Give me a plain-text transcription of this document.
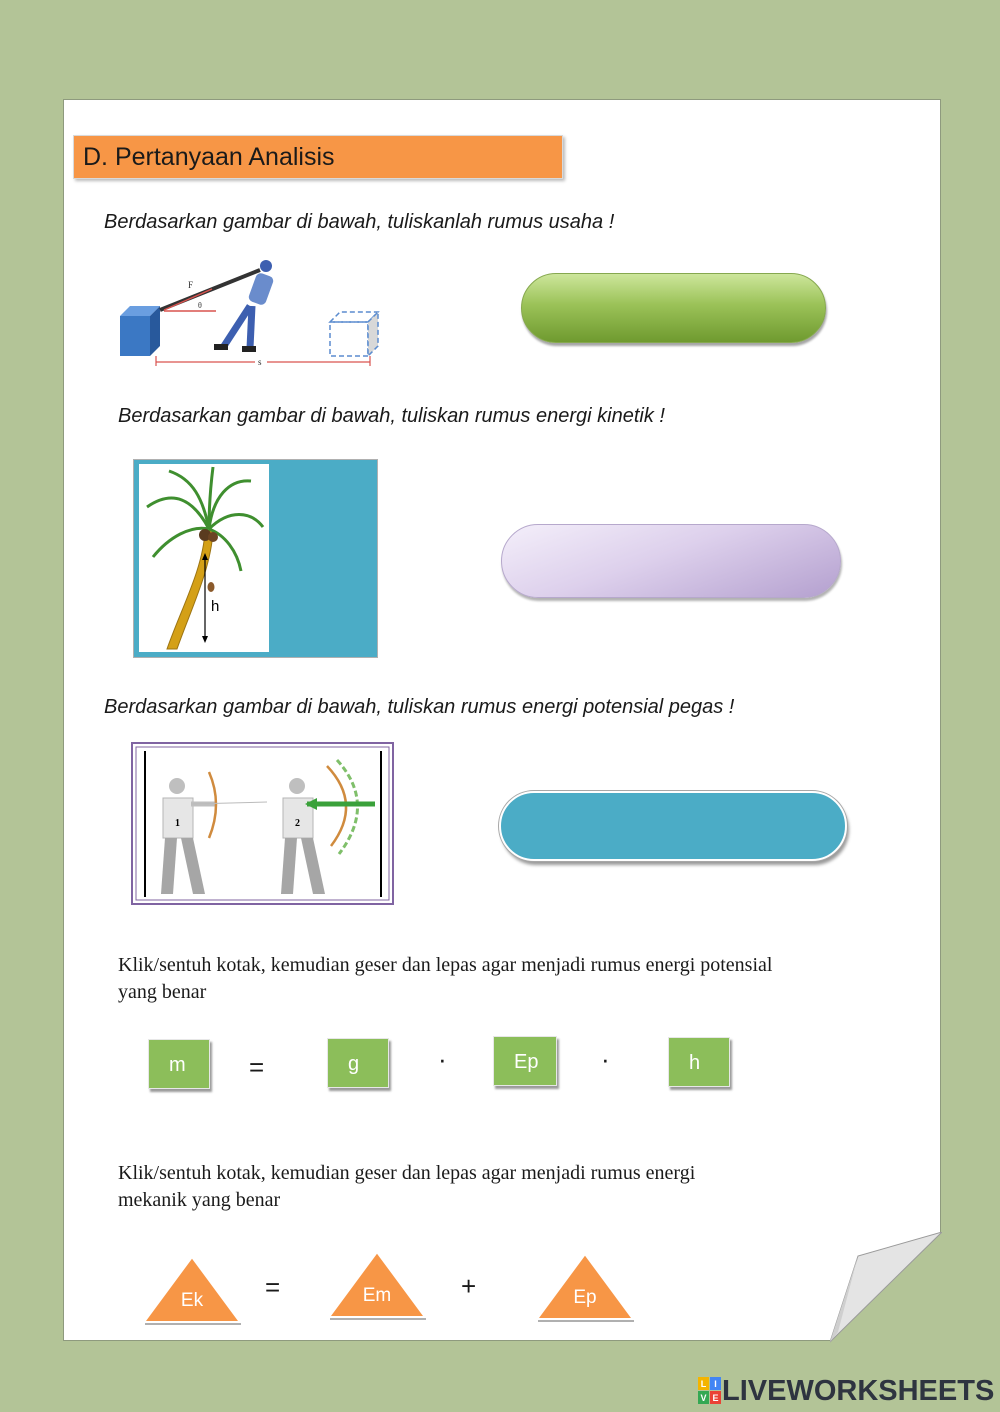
D. Pertanyaan Analisis
Berdasarkan gambar di bawah, tuliskanlah rumus usaha !
F
θ
s
Berdasarkan gambar di bawah, tuliskan rumus energi kinetik !
h
Berdasarkan gambar di bawah, tuliskan rumus energi potensial pegas !
1	2
Klik/sentuh kotak, kemudian geser dan lepas agar menjadi rumus energi potensial
yang benar
m	=	g	·	Ep	·	h
Klik/sentuh kotak, kemudian geser dan lepas agar menjadi rumus energi
mekanik yang benar
Ek	=	Em	+	Ep
L I
V E LIVEWORKSHEETS
